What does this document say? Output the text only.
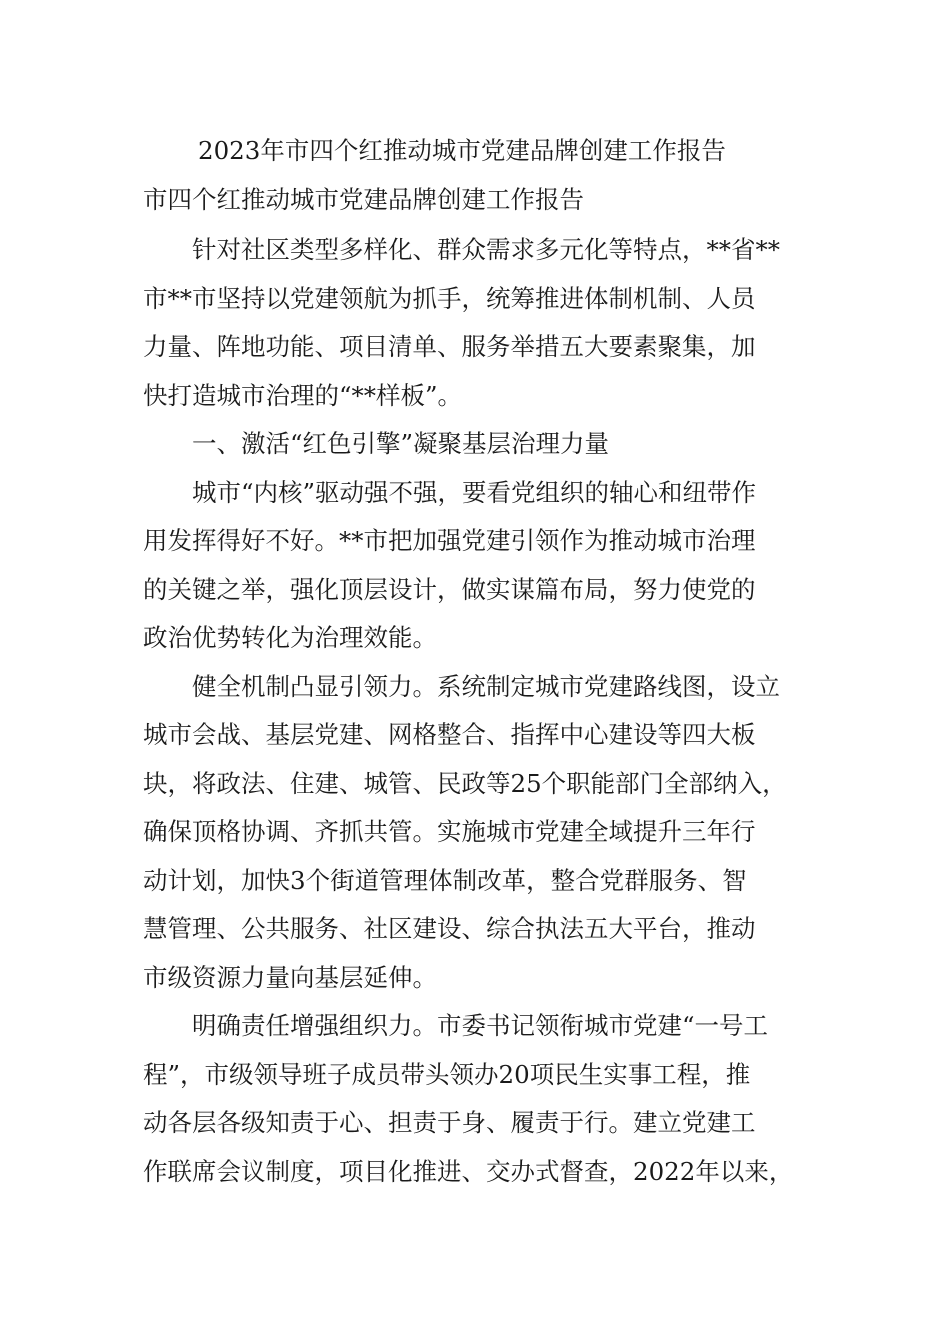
2023年市四个红推动城市党建品牌创建工作报告

市四个红推动城市党建品牌创建工作报告

针对社区类型多样化、群众需求多元化等特点，**省**
市**市坚持以党建领航为抓手，统筹推进体制机制、人员
力量、阵地功能、项目清单、服务举措五大要素聚集，加
快打造城市治理的“**样板”。

一、激活“红色引擎”凝聚基层治理力量

城市“内核”驱动强不强，要看党组织的轴心和纽带作
用发挥得好不好。**市把加强党建引领作为推动城市治理
的关键之举，强化顶层设计，做实谋篇布局，努力使党的
政治优势转化为治理效能。

健全机制凸显引领力。系统制定城市党建路线图，设立
城市会战、基层党建、网格整合、指挥中心建设等四大板
块，将政法、住建、城管、民政等25个职能部门全部纳入，
确保顶格协调、齐抓共管。实施城市党建全域提升三年行
动计划，加快3个街道管理体制改革，整合党群服务、智
慧管理、公共服务、社区建设、综合执法五大平台，推动
市级资源力量向基层延伸。

明确责任增强组织力。市委书记领衔城市党建“一号工
程”，市级领导班子成员带头领办20项民生实事工程，推
动各层各级知责于心、担责于身、履责于行。建立党建工
作联席会议制度，项目化推进、交办式督查，2022年以来，
